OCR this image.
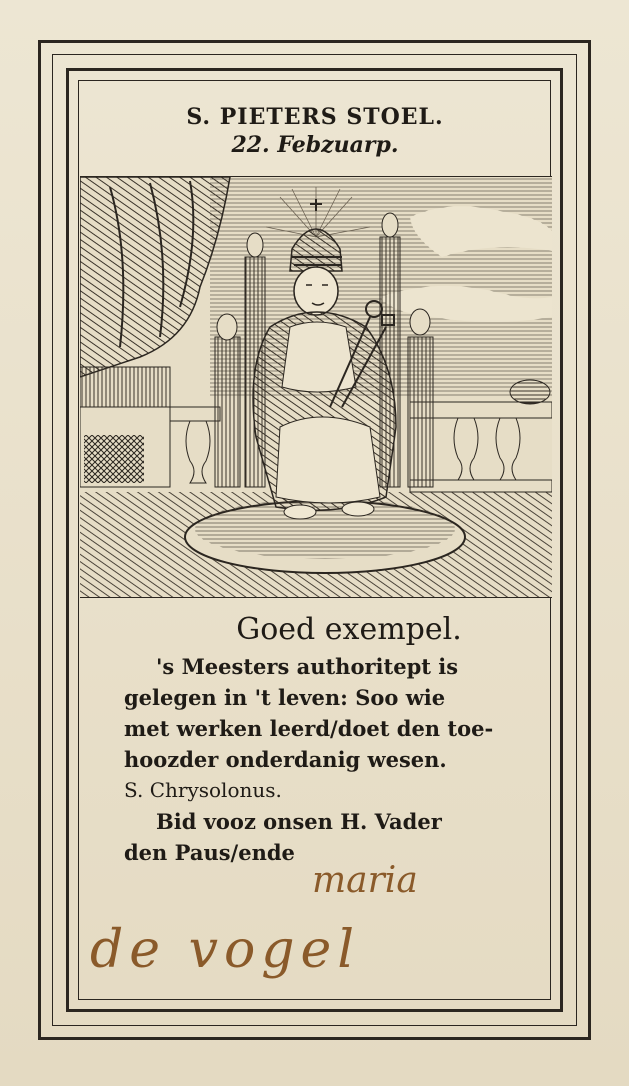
S. PIETERS STOEL.
22. Febzuarp.
Goed exempel.
's Meesters authoritept is
gelegen in 't leven: Soo wie
met werken leerd/doet den toe-
hoozder onderdanig wesen.
S. Chrysolonus.
Bid vooz onsen H. Vader
den Paus/ende
maria
de vogel
